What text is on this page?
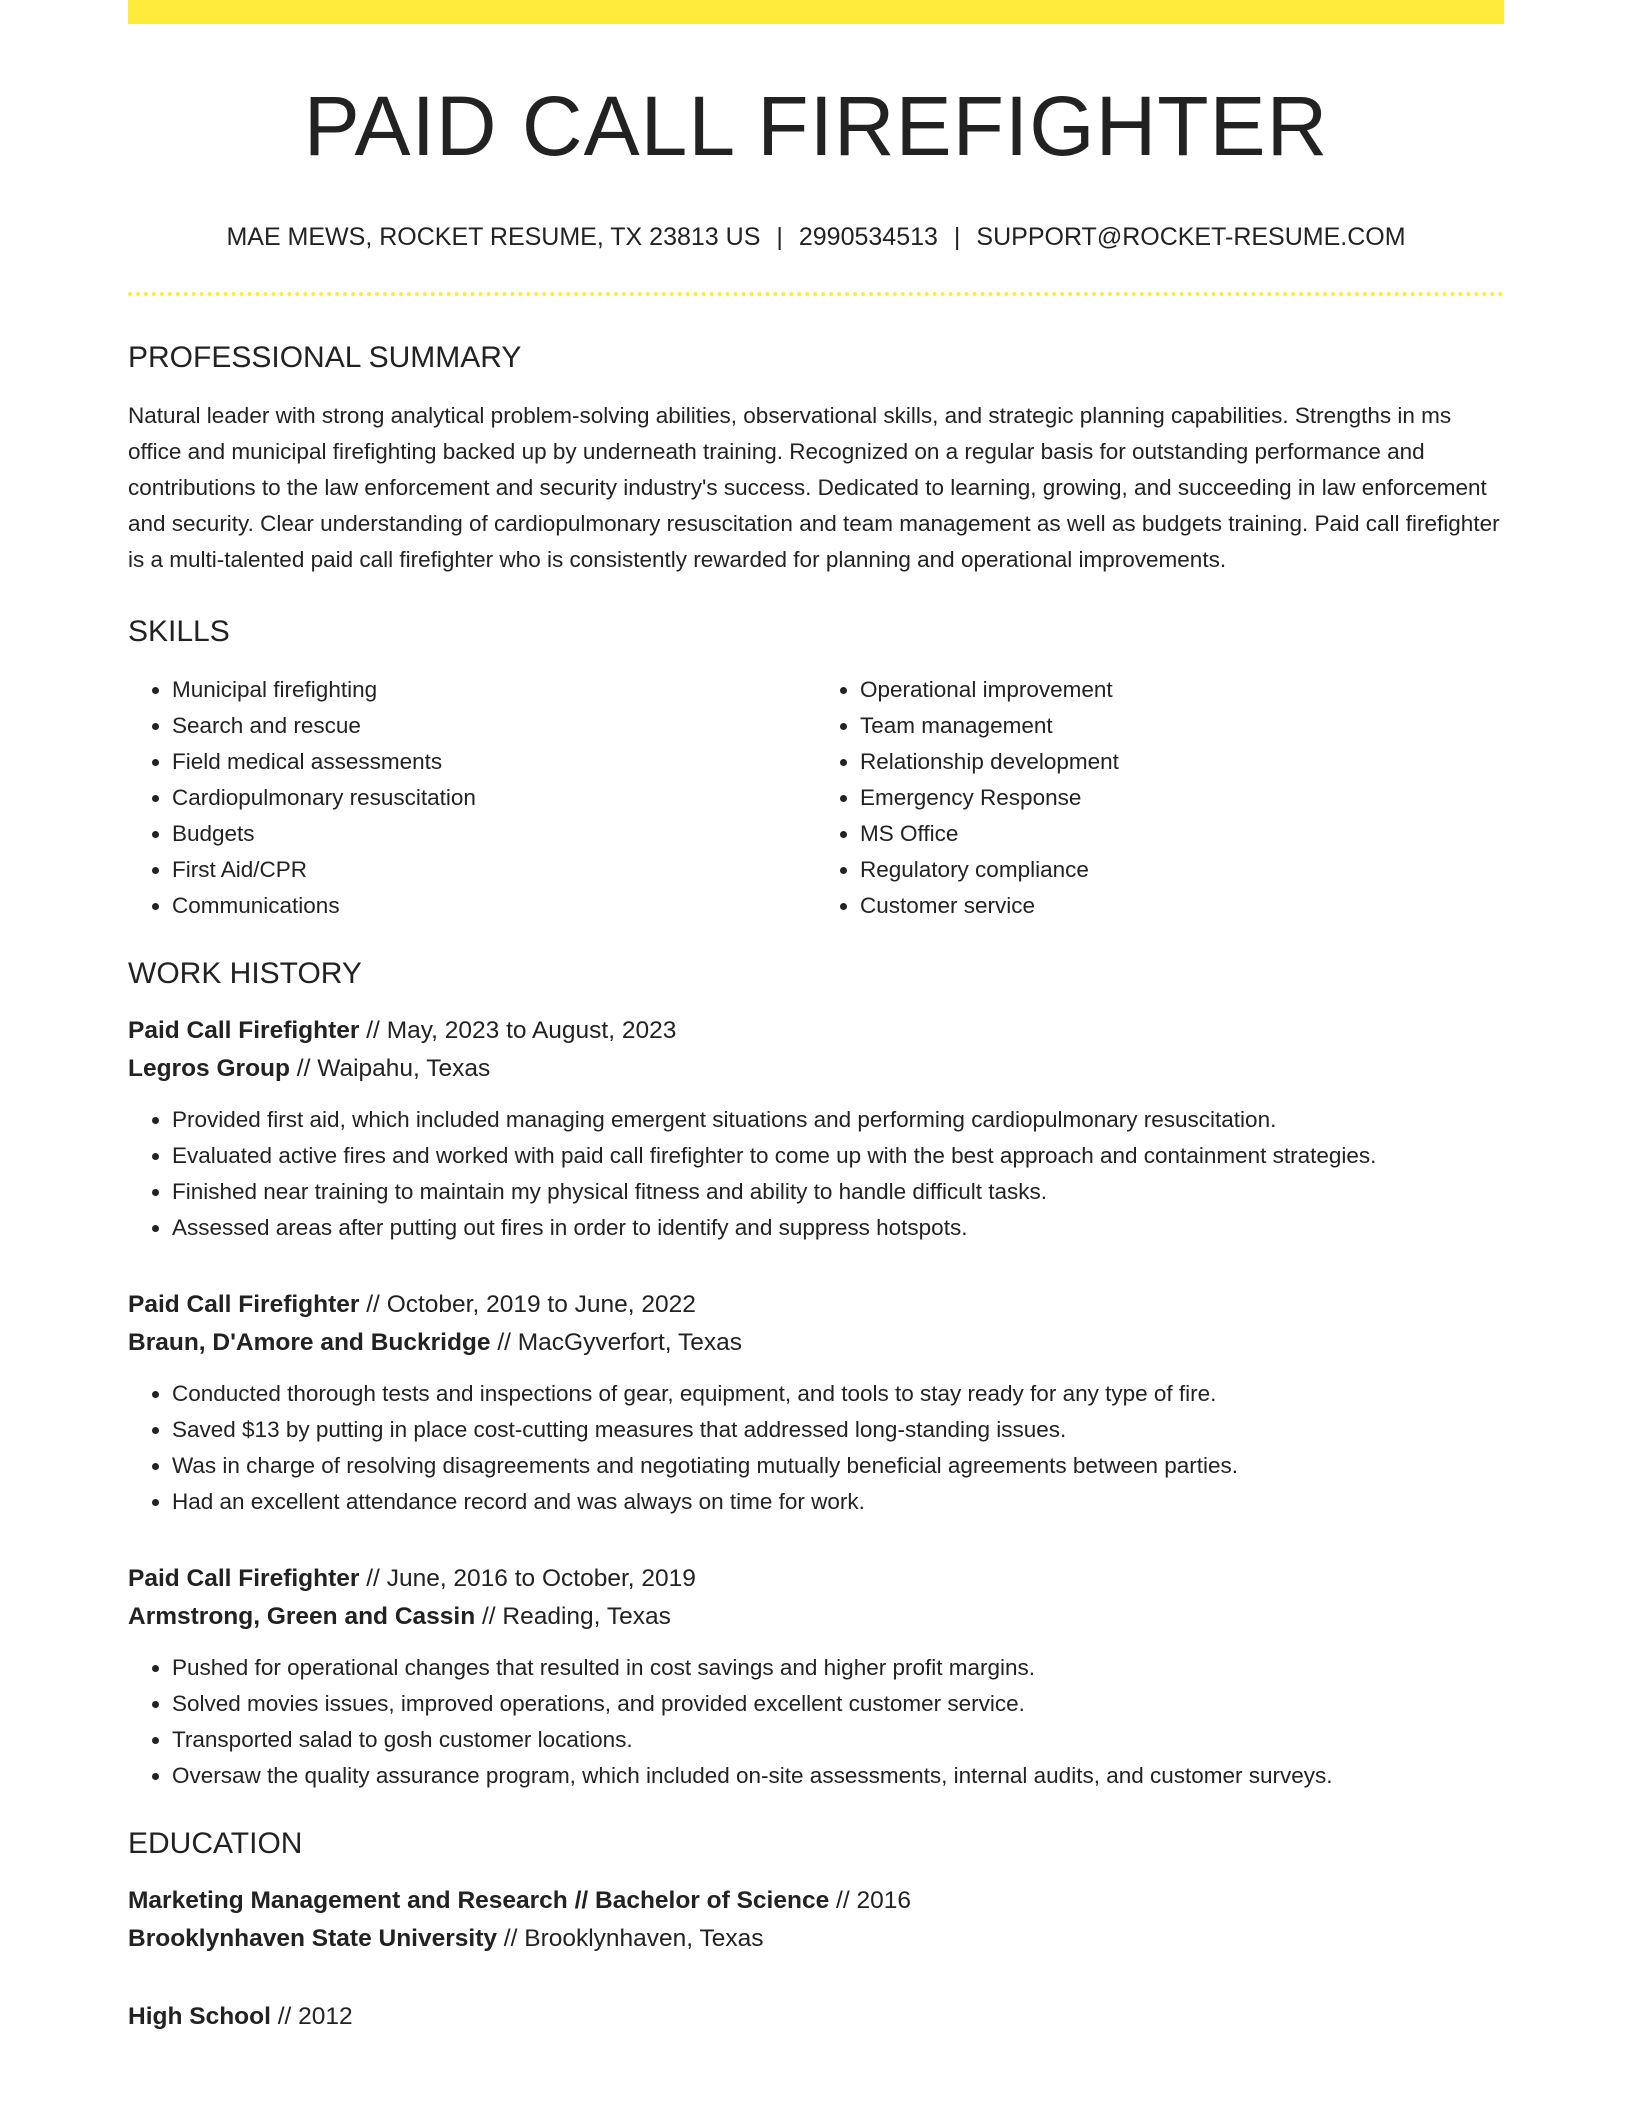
PAID CALL FIREFIGHTER
MAE MEWS, ROCKET RESUME, TX 23813 US | 2990534513 | SUPPORT@ROCKET-RESUME.COM
PROFESSIONAL SUMMARY

Natural leader with strong analytical problem-solving abilities, observational skills, and strategic planning capabilities. Strengths in ms office and municipal firefighting backed up by underneath training. Recognized on a regular basis for outstanding performance and contributions to the law enforcement and security industry's success. Dedicated to learning, growing, and succeeding in law enforcement and security. Clear understanding of cardiopulmonary resuscitation and team management as well as budgets training. Paid call firefighter is a multi-talented paid call firefighter who is consistently rewarded for planning and operational improvements.

SKILLS
• Municipal firefighting
• Search and rescue
• Field medical assessments
• Cardiopulmonary resuscitation
• Budgets
• First Aid/CPR
• Communications
• Operational improvement
• Team management
• Relationship development
• Emergency Response
• MS Office
• Regulatory compliance
• Customer service
WORK HISTORY
Paid Call Firefighter // May, 2023 to August, 2023
Legros Group // Waipahu, Texas
• Provided first aid, which included managing emergent situations and performing cardiopulmonary resuscitation.
• Evaluated active fires and worked with paid call firefighter to come up with the best approach and containment strategies.
• Finished near training to maintain my physical fitness and ability to handle difficult tasks.
• Assessed areas after putting out fires in order to identify and suppress hotspots.
Paid Call Firefighter // October, 2019 to June, 2022
Braun, D'Amore and Buckridge // MacGyverfort, Texas
• Conducted thorough tests and inspections of gear, equipment, and tools to stay ready for any type of fire.
• Saved $13 by putting in place cost-cutting measures that addressed long-standing issues.
• Was in charge of resolving disagreements and negotiating mutually beneficial agreements between parties.
• Had an excellent attendance record and was always on time for work.
Paid Call Firefighter // June, 2016 to October, 2019
Armstrong, Green and Cassin // Reading, Texas
• Pushed for operational changes that resulted in cost savings and higher profit margins.
• Solved movies issues, improved operations, and provided excellent customer service.
• Transported salad to gosh customer locations.
• Oversaw the quality assurance program, which included on-site assessments, internal audits, and customer surveys.
EDUCATION
Marketing Management and Research // Bachelor of Science // 2016
Brooklynhaven State University // Brooklynhaven, Texas
High School // 2012
